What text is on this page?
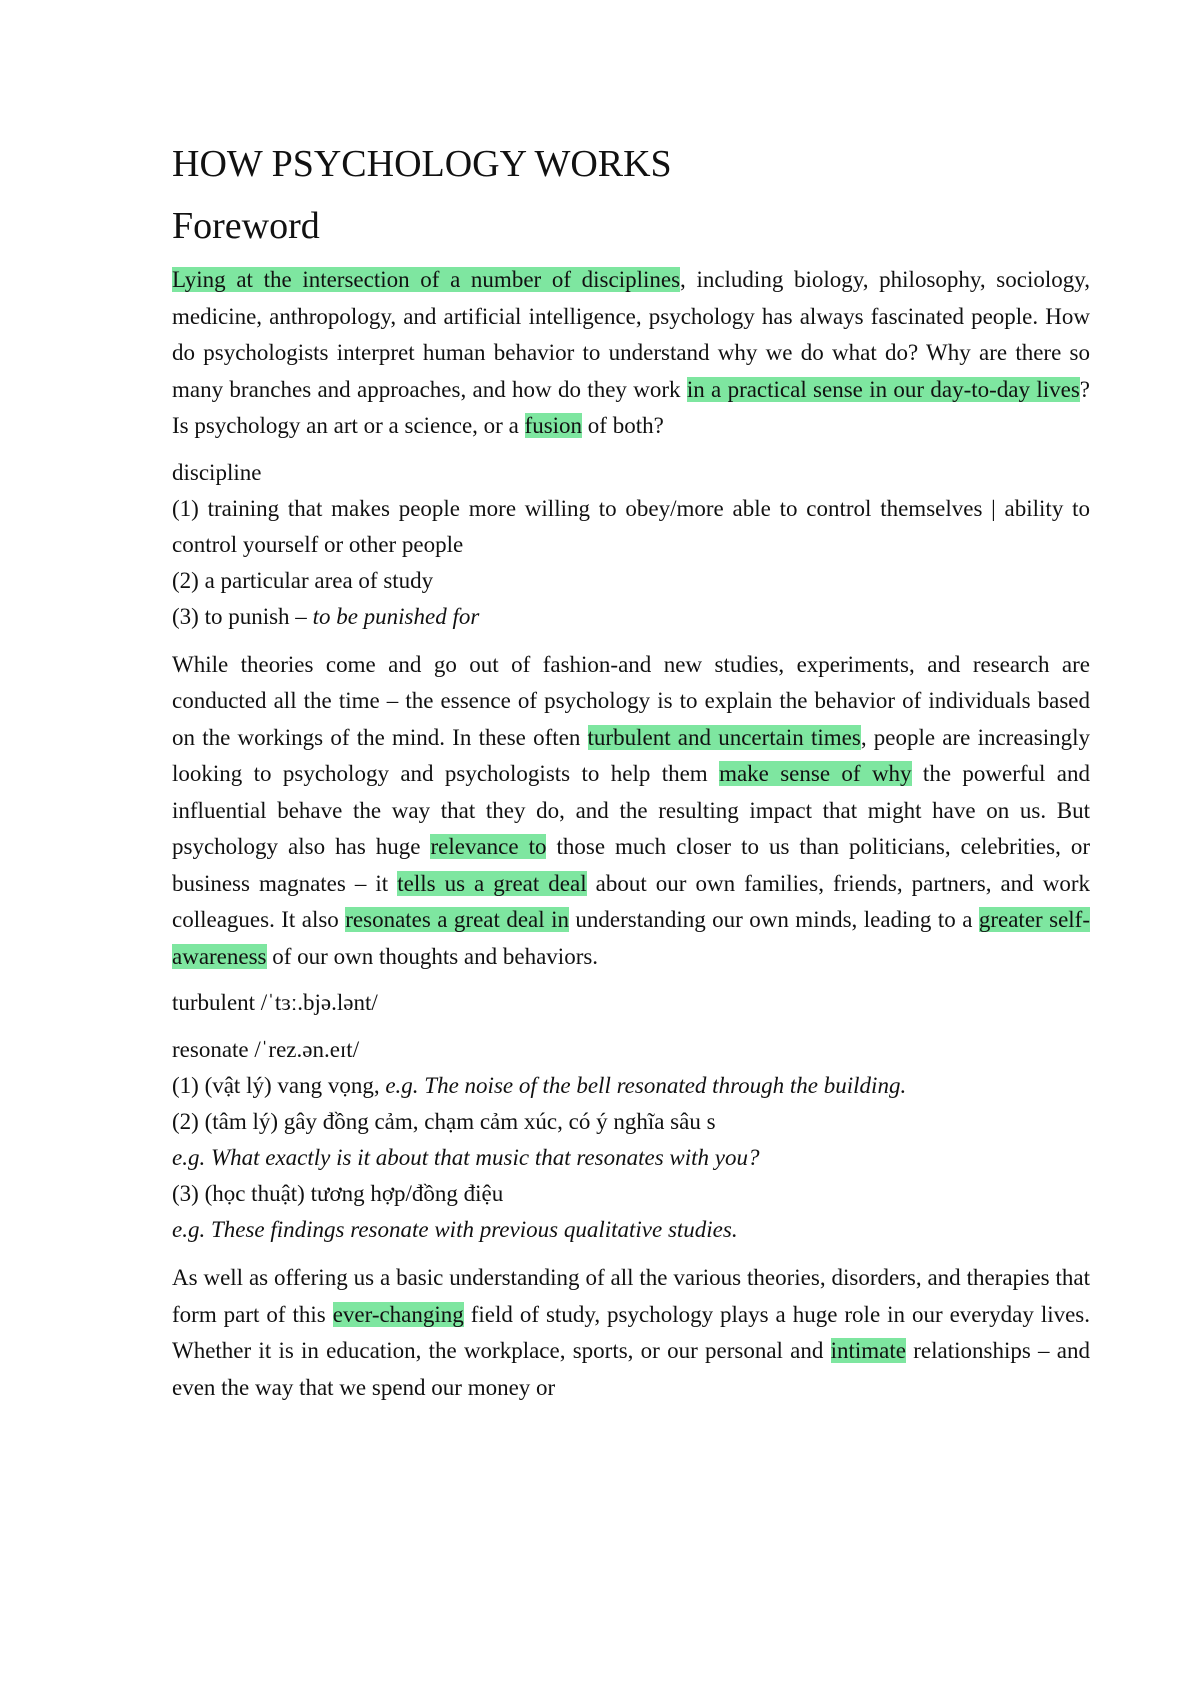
HOW PSYCHOLOGY WORKS
Foreword

Lying at the intersection of a number of disciplines, including biology, philosophy, sociology, medicine, anthropology, and artificial intelligence, psychology has always fascinated people. How do psychologists interpret human behavior to understand why we do what do? Why are there so many branches and approaches, and how do they work in a practical sense in our day-to-day lives? Is psychology an art or a science, or a fusion of both?

discipline
(1) training that makes people more willing to obey/more able to control themselves | ability to control yourself or other people
(2) a particular area of study
(3) to punish – to be punished for

While theories come and go out of fashion-and new studies, experiments, and research are conducted all the time – the essence of psychology is to explain the behavior of individuals based on the workings of the mind. In these often turbulent and uncertain times, people are increasingly looking to psychology and psychologists to help them make sense of why the powerful and influential behave the way that they do, and the resulting impact that might have on us. But psychology also has huge relevance to those much closer to us than politicians, celebrities, or business magnates – it tells us a great deal about our own families, friends, partners, and work colleagues. It also resonates a great deal in understanding our own minds, leading to a greater self-awareness of our own thoughts and behaviors.

turbulent /ˈtɜː.bjə.lənt/
resonate /ˈrez.ən.eɪt/
(1) (vật lý) vang vọng, e.g. The noise of the bell resonated through the building.
(2) (tâm lý) gây đồng cảm, chạm cảm xúc, có ý nghĩa sâu s
e.g. What exactly is it about that music that resonates with you?
(3) (học thuật) tương hợp/đồng điệu
e.g. These findings resonate with previous qualitative studies.

As well as offering us a basic understanding of all the various theories, disorders, and therapies that form part of this ever-changing field of study, psychology plays a huge role in our everyday lives. Whether it is in education, the workplace, sports, or our personal and intimate relationships – and even the way that we spend our money or
